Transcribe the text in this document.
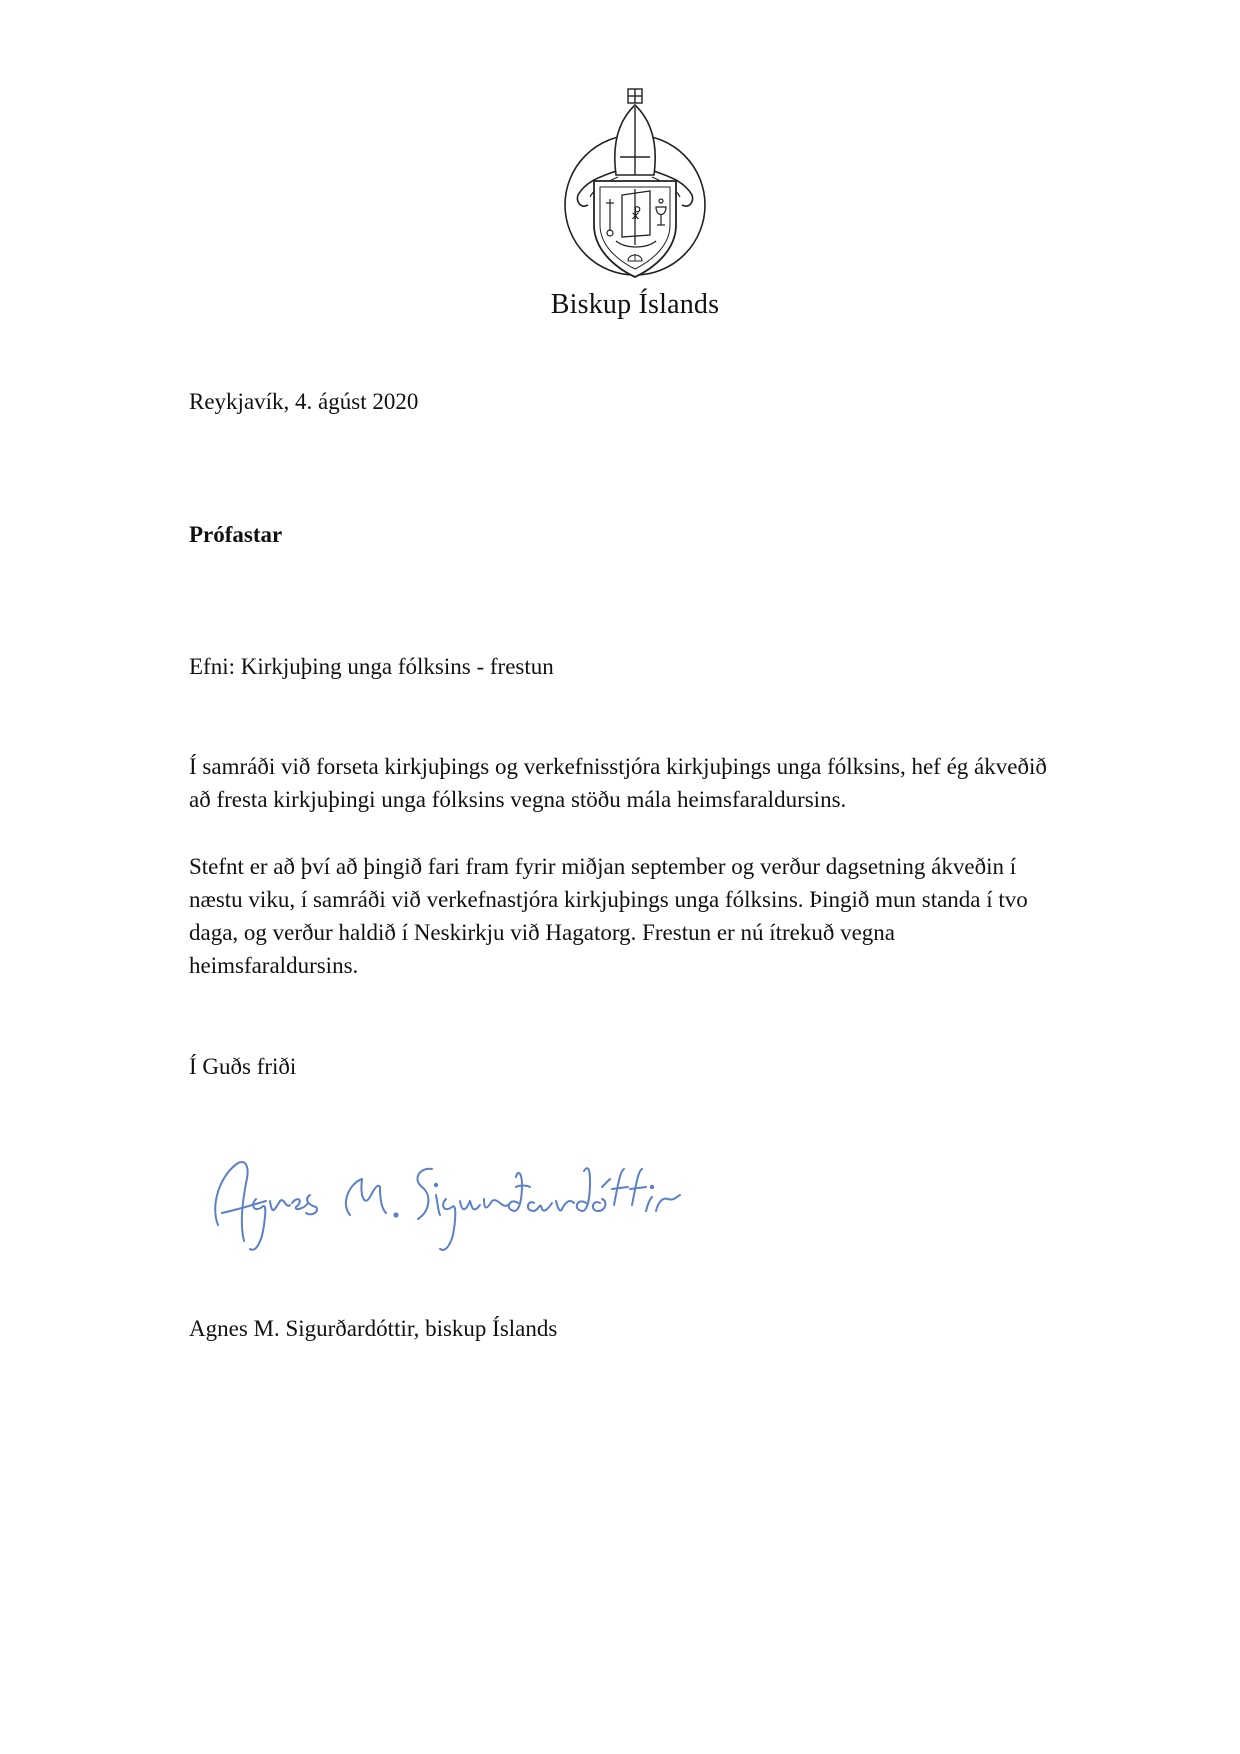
☧
Biskup Íslands
Reykjavík, 4. ágúst 2020
Prófastar
Efni: Kirkjuþing unga fólksins - frestun
Í samráði við forseta kirkjuþings og verkefnisstjóra kirkjuþings unga fólksins, hef ég ákveðið að fresta kirkjuþingi unga fólksins vegna stöðu mála heimsfaraldursins.
Stefnt er að því að þingið fari fram fyrir miðjan september og verður dagsetning ákveðin í næstu viku, í samráði við verkefnastjóra kirkjuþings unga fólksins. Þingið mun standa í tvo daga, og verður haldið í Neskirkju við Hagatorg. Frestun er nú ítrekuð vegna heimsfaraldursins.
Í Guðs friði
Agnes M. Sigurðardóttir, biskup Íslands
